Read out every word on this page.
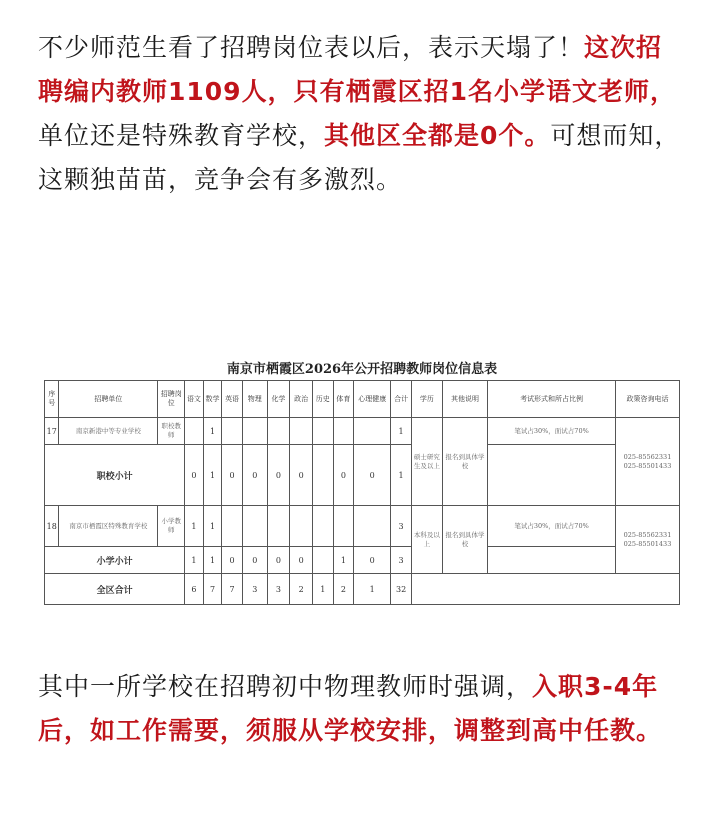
不少师范生看了招聘岗位表以后，表示天塌了！这次招聘编内教师1109人，只有栖霞区招1名小学语文老师，单位还是特殊教育学校，其他区全都是0个。可想而知，这颗独苗苗，竞争会有多激烈。

南京市栖霞区2026年公开招聘教师岗位信息表
序号	招聘单位	招聘岗位	语文	数学	英语	物理	化学	政治	历史	体育	心理健康	合计	学历	其他说明	考试形式和所占比例	政策咨询电话
17	南京新港中等专业学校	职校教师		1								1	硕士研究生及以上	报名到具体学校	笔试占30%，面试占70%	025-85562331
025-85501433
职校小计			0	1	0	0	0	0		0	0	1				
18	南京市栖霞区特殊教育学校	小学教师	1	1								3	本科及以上	报名到具体学校	笔试占30%，面试占70%	025-85562331
025-85501433
小学小计			1	1	0	0	0	0		1	0	3				
全区合计			6	7	7	3	3	2	1	2	1	32				

其中一所学校在招聘初中物理教师时强调，入职3-4年后，如工作需要，须服从学校安排，调整到高中任教。
